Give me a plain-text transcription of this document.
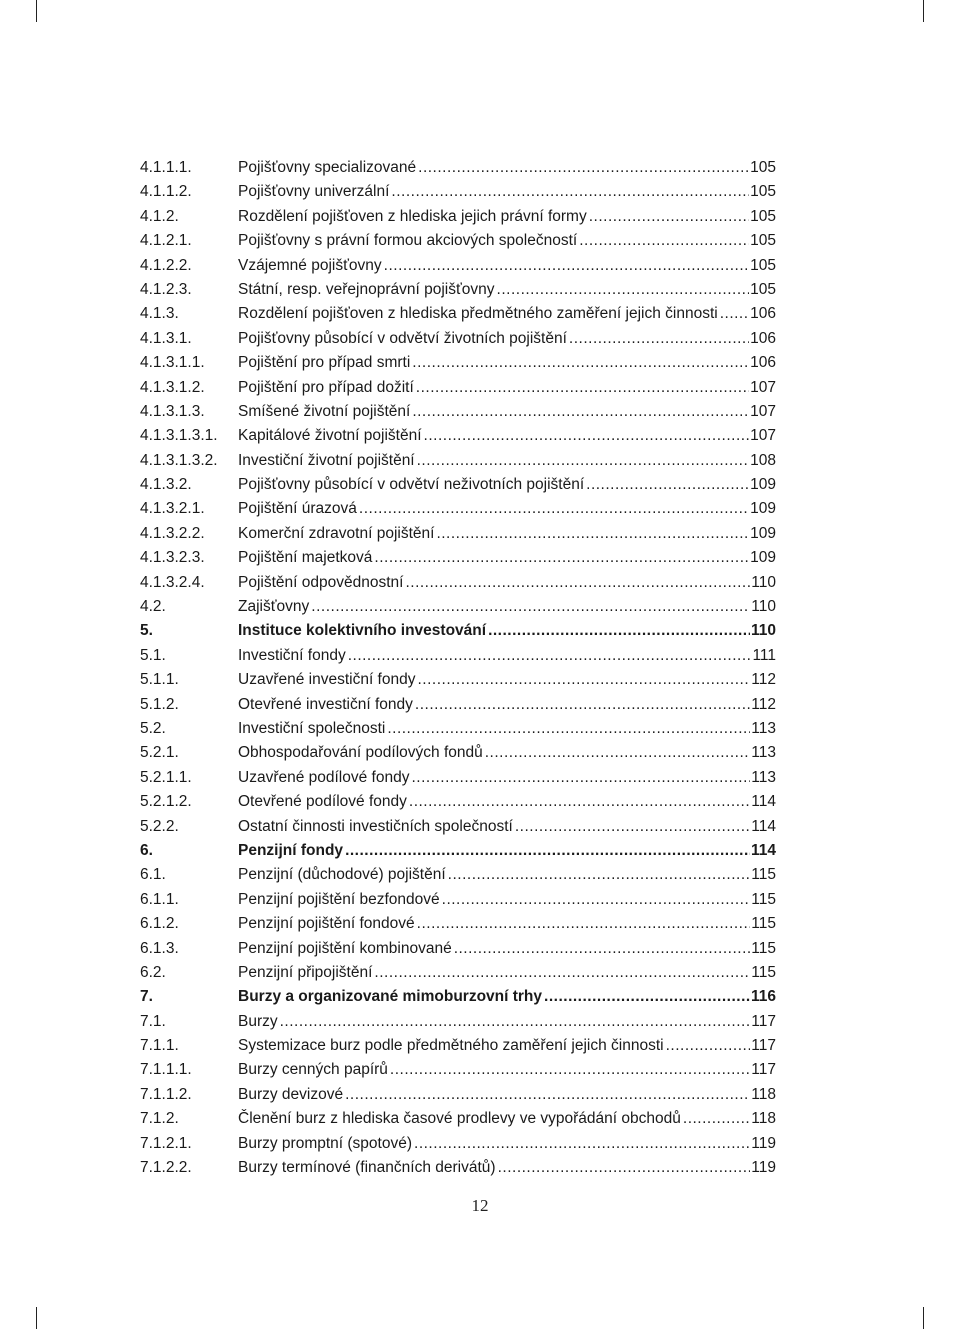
4.1.1.1.	Pojišťovny specializované .....	105
4.1.1.2.	Pojišťovny univerzální .....	105
4.1.2.	Rozdělení pojišťoven z hlediska jejich právní formy .....	105
4.1.2.1.	Pojišťovny s právní formou akciových společností .....	105
4.1.2.2.	Vzájemné pojišťovny .....	105
4.1.2.3.	Státní, resp. veřejnoprávní pojišťovny .....	105
4.1.3.	Rozdělení pojišťoven z hlediska předmětného zaměření jejich činnosti ..... 106
4.1.3.1.	Pojišťovny působící v odvětví životních pojištění .....	106
4.1.3.1.1.	Pojištění pro případ smrti .....	106
4.1.3.1.2.	Pojištění pro případ dožití .....	107
4.1.3.1.3.	Smíšené životní pojištění .....	107
4.1.3.1.3.1.	Kapitálové životní pojištění .....	107
4.1.3.1.3.2.	Investiční životní pojištění .....	108
4.1.3.2.	Pojišťovny působící v odvětví neživotních pojištění .....	109
4.1.3.2.1.	Pojištění úrazová .....	109
4.1.3.2.2.	Komerční zdravotní pojištění .....	109
4.1.3.2.3.	Pojištění majetková .....	109
4.1.3.2.4.	Pojištění odpovědnostní .....	110
4.2.	Zajišťovny .....	110
5.	Instituce kolektivního investování .....	110
5.1.	Investiční fondy .....	111
5.1.1.	Uzavřené investiční fondy .....	112
5.1.2.	Otevřené investiční fondy .....	112
5.2.	Investiční společnosti .....	113
5.2.1.	Obhospodařování podílových fondů .....	113
5.2.1.1.	Uzavřené podílové fondy .....	113
5.2.1.2.	Otevřené podílové fondy .....	114
5.2.2.	Ostatní činnosti investičních společností .....	114
6.	Penzijní fondy .....	114
6.1.	Penzijní (důchodové) pojištění .....	115
6.1.1.	Penzijní pojištění bezfondové .....	115
6.1.2.	Penzijní pojištění fondové .....	115
6.1.3.	Penzijní pojištění kombinované .....	115
6.2.	Penzijní připojištění .....	115
7.	Burzy a organizované mimoburzovní trhy .....	116
7.1.	Burzy .....	117
7.1.1.	Systemizace burz podle předmětného zaměření jejich činnosti .....	117
7.1.1.1.	Burzy cenných papírů .....	117
7.1.1.2.	Burzy devizové .....	118
7.1.2.	Členění burz z hlediska časové prodlevy ve vypořádání obchodů .....	118
7.1.2.1.	Burzy promptní (spotové) .....	119
7.1.2.2.	Burzy termínové (finančních derivátů) .....	119
12
